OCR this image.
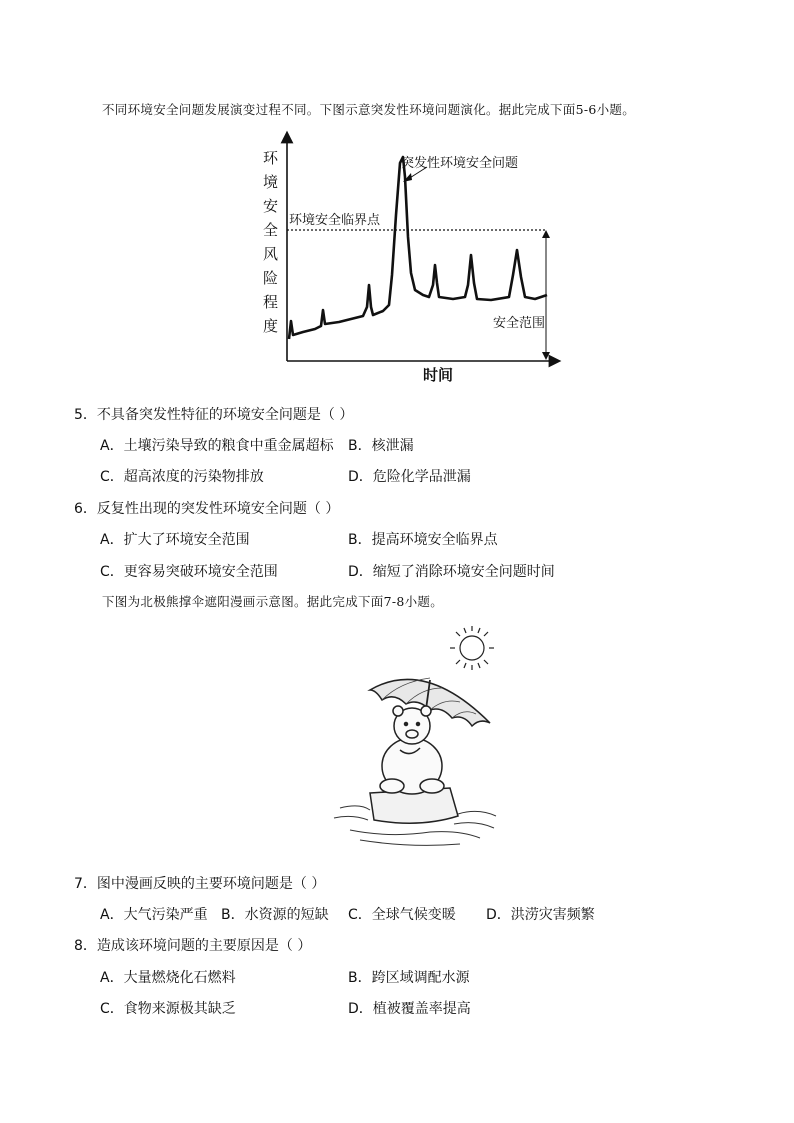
不同环境安全问题发展演变过程不同。下图示意突发性环境问题演化。据此完成下面5-6小题。
环
境
安
全
风
险
程
度
时间
环境安全临界点
安全范围
突发性环境安全问题
5．不具备突发性特征的环境安全问题是（ ）
A．土壤污染导致的粮食中重金属超标 B．核泄漏
C．超高浓度的污染物排放	D．危险化学品泄漏
6．反复性出现的突发性环境安全问题（ ）
A．扩大了环境安全范围	B．提高环境安全临界点
C．更容易突破环境安全范围	D．缩短了消除环境安全问题时间
下图为北极熊撑伞遮阳漫画示意图。据此完成下面7-8小题。
7．图中漫画反映的主要环境问题是（ ）
A．大气污染严重 B．水资源的短缺 C．全球气候变暖 D．洪涝灾害频繁
8．造成该环境问题的主要原因是（ ）
A．大量燃烧化石燃料	B．跨区域调配水源
C．食物来源极其缺乏	D．植被覆盖率提高
